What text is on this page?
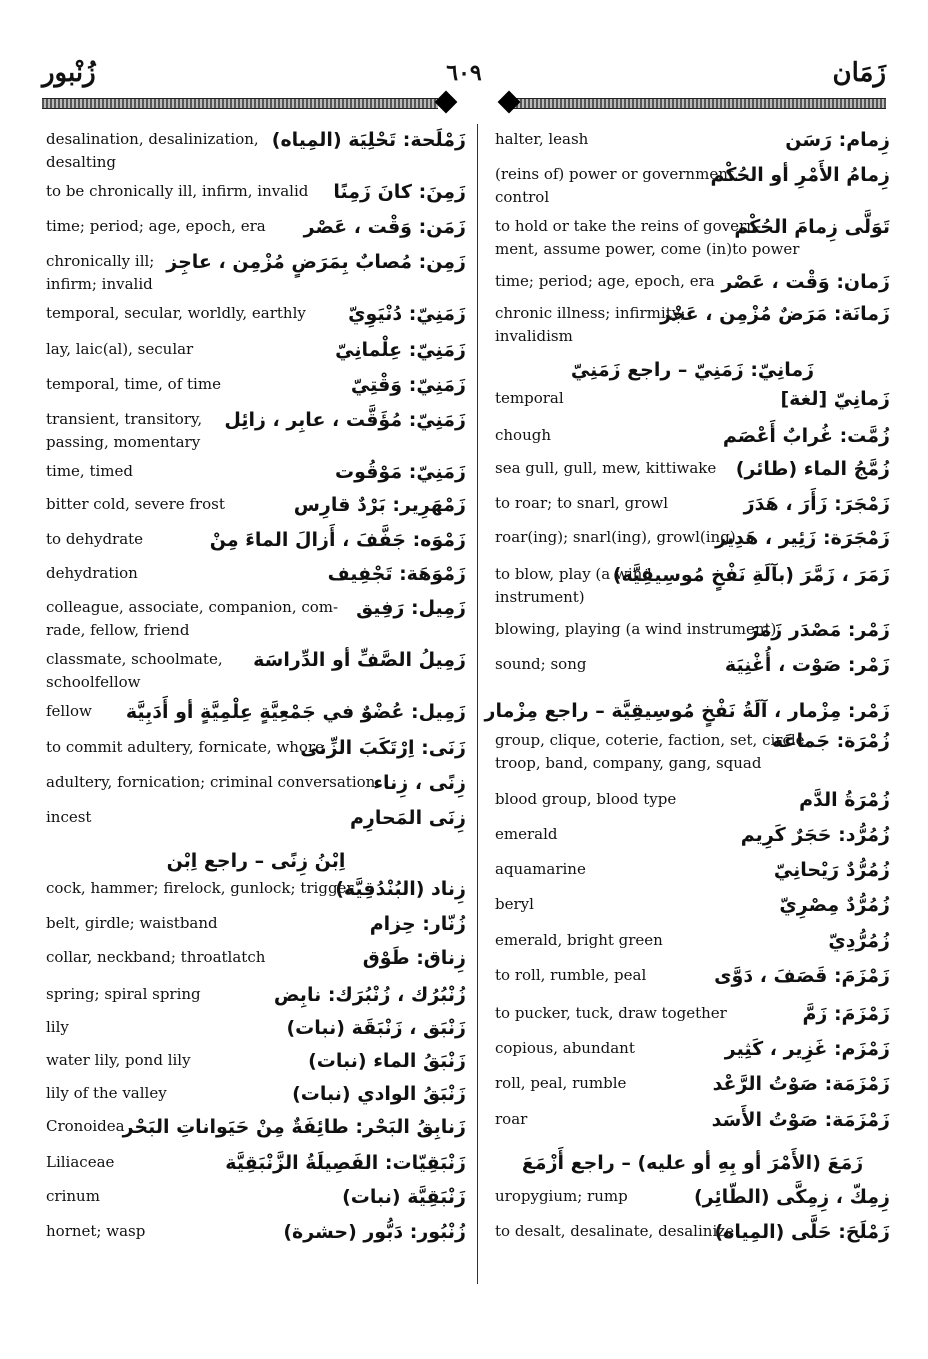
زُنْبور	٦٠٩	زَمَان
desalination, desalinization,
desalting
زَمْلَحة: تَحْلِيَة (المِياه)
to be chronically ill, infirm, invalid زَمِنَ: كانَ زَمِنًا
time; period; age, epoch, era زَمَن: وَقْت ، عَصْر
chronically ill;
infirm; invalid
زَمِن: مُصابٌ بِمَرَضٍ مُزْمِن ، عاجِز
temporal, secular, worldly, earthly زَمَنِيّ: دُنْيَوِيّ
lay, laic(al), secular	زَمَنِيّ: عِلْمانِيّ
temporal, time, of time	زَمَنِيّ: وَقْتِيّ
transient, transitory,
passing, momentary
زَمَنِيّ: مُؤَقَّت ، عابِر ، زائِل
time, timed	زَمَنِيّ: مَوْقُوت
bitter cold, severe frost	زَمْهَرِير: بَرْدٌ قارِس
to dehydrate	زَمْوَه: جَفَّفَ ، أَزالَ الماءَ مِنْ
dehydration	زَمْوَهَة: تَجْفِيف
colleague, associate, companion, com-
rade, fellow, friend
زَمِيل: رَفِيق
classmate, schoolmate,
schoolfellow
زَمِيلُ الصَّفِّ أو الدِّراسَة
fellow زَمِيل: عُضْوٌ في جَمْعِيَّةٍ عِلْمِيَّةٍ أو أَدَبِيَّة
to commit adultery, fornicate, whore
زَنَى: اِرْتَكَبَ الزِّنى
adultery, fornication; criminal conversation
زِنًى ، زِناء
incest	زِنَى المَحارِم
اِبْنُ زِنًى – راجع اِبْن
cock, hammer; firelock, gunlock; trigger
زِناد (البُنْدُقِيَّة)
belt, girdle; waistband	زُنّار: حِزام
collar, neckband; throatlatch	زِناق: طَوْق
spring; spiral spring	زُنْبُرُك ، زُنْبُرَك: نابِض
lily	زَنْبَق ، زَنْبَقَة (نبات)
water lily, pond lily	زَنْبَقُ الماء (نبات)
lily of the valley	زَنْبَقُ الوادي (نبات)
Cronoidea
زَنابِقُ البَحْر: طائِفَةٌ مِنْ حَيَواناتِ البَحْر
Liliaceae	زَنْبَقِيّات: الفَصِيلَةُ الزَّنْبَقِيَّة
crinum	زَنْبَقِيَّة (نبات)
hornet; wasp	زُنْبُور: دَبُّور (حشرة)
halter, leash	زِمام: رَسَن
(reins of) power or government,
control
زِمامُ الأَمْرِ أو الحُكْم
to hold or take the reins of govern-
ment, assume power, come (in)to power
تَوَلَّى زِمامَ الحُكْم
time; period; age, epoch, era زَمان: وَقْت ، عَصْر
chronic illness; infirmity;
invalidism
زَمانَة: مَرَضٌ مُزْمِن ، عَجْز
زَمانِيّ: زَمَنِيّ – راجع زَمَنِيّ
temporal	زَمانِيّ [لغة]
chough	زُمَّت: غُرابٌ أَعْصَم
sea gull, gull, mew, kittiwake زُمَّجُ الماء (طائر)
to roar; to snarl, growl	زَمْجَرَ: زَأَرَ ، هَدَرَ
roar(ing); snarl(ing), growl(ing)
زَمْجَرَة: زَئِير ، هَدِير
to blow, play (a wind
instrument)
زَمَرَ ، زَمَّرَ (بآلَةِ نَفْخٍ مُوسِيقِيَّة)
blowing, playing (a wind instrument)
زَمْر: مَصْدَر زَمَرَ
sound; song	زَمْر: صَوْت ، أُغْنِيَة
زَمْر: مِزْمار ، آلَةُ نَفْخٍ مُوسِيقِيَّة – راجع مِزْمار
group, clique, coterie, faction, set, circle,
troop, band, company, gang, squad
زُمْرَة: جَماعَة
blood group, blood type	زُمْرَةُ الدَّم
emerald	زُمُرُّد: حَجَرٌ كَرِيم
aquamarine	زُمُرُّدٌ رَيْحانِيّ
beryl	زُمُرُّدٌ مِصْرِيّ
emerald, bright green	زُمُرُّدِيّ
to roll, rumble, peal	زَمْزَمَ: قَصَفَ ، دَوَّى
to pucker, tuck, draw together	زَمْزَمَ: زَمَّ
copious, abundant	زَمْزَم: غَزِير ، كَثِير
roll, peal, rumble	زَمْزَمَة: صَوْتُ الرَّعْد
roar	زَمْزَمَة: صَوْتُ الأَسَد
زَمَعَ (الأَمْرَ أو بِهِ أو عليه) – راجع أَزْمَعَ
uropygium; rump	زِمِكّ ، زِمِكَّى (الطّائِر)
to desalt, desalinate, desalinize
زَمْلَحَ: حَلَّى (المِياه)
